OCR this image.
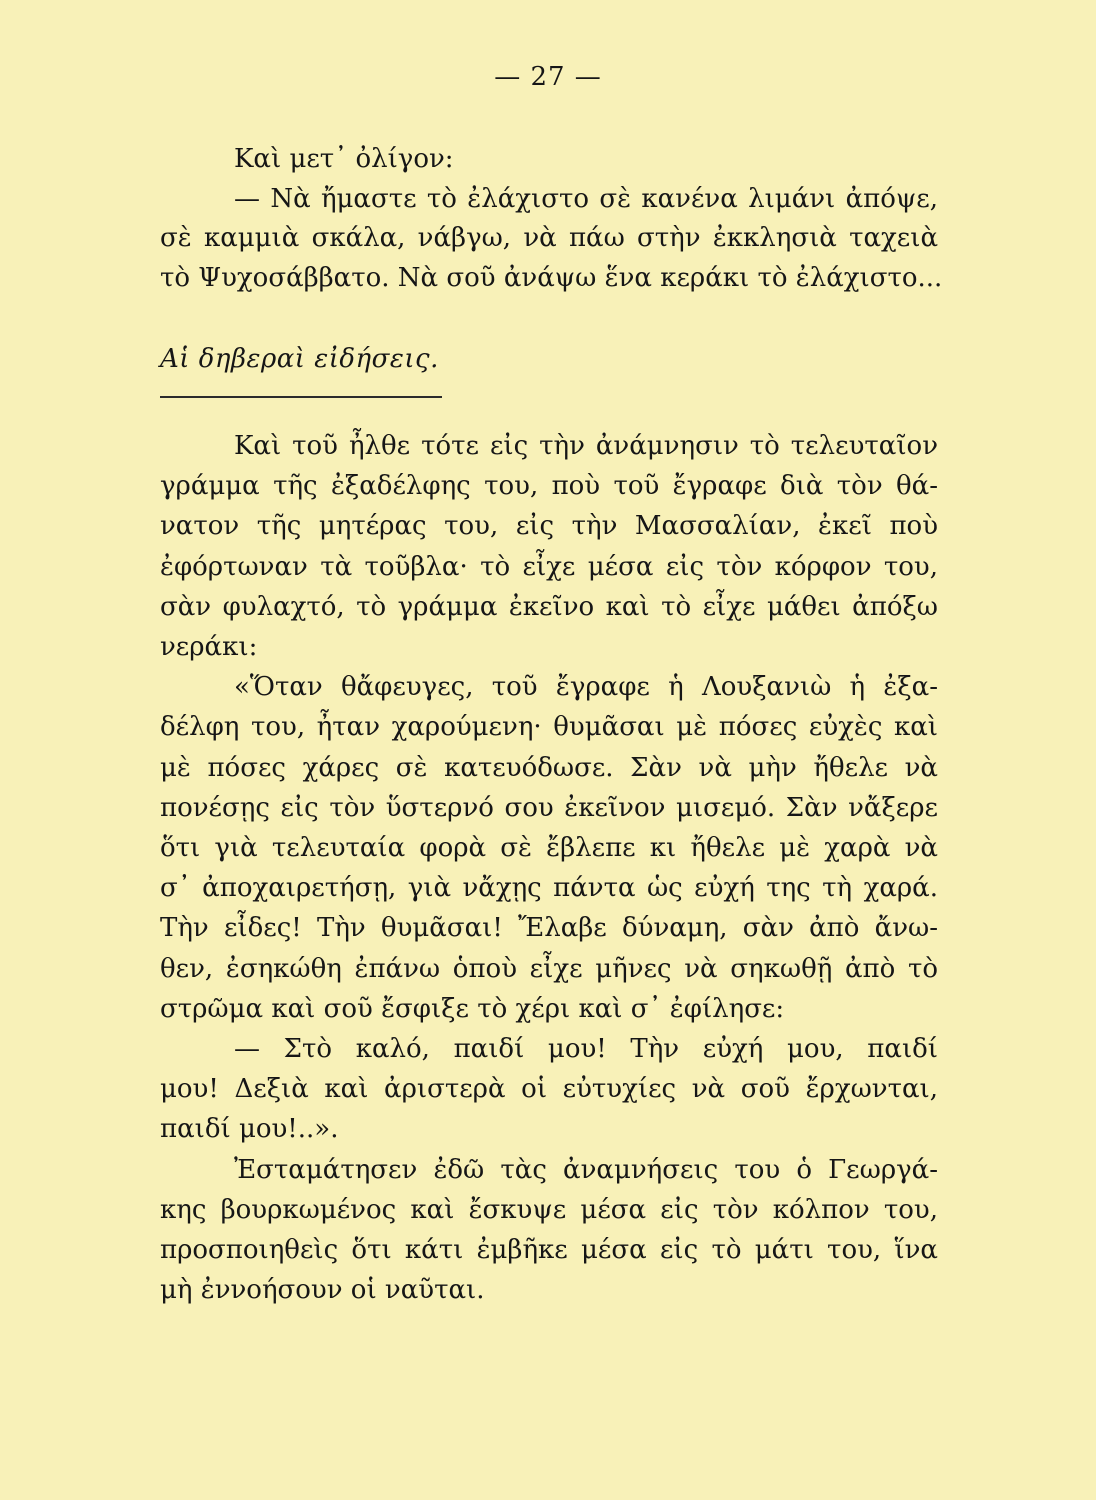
— 27 —
Καὶ μετ᾽ ὀλίγον:
— Νὰ ἤμαστε τὸ ἐλάχιστο σὲ κανένα λιμάνι ἀπόψε,
σὲ καμμιὰ σκάλα, νάβγω, νὰ πάω στὴν ἐκκλησιὰ ταχειὰ
τὸ Ψυχοσάββατο. Νὰ σοῦ ἀνάψω ἕνα κεράκι τὸ ἐλάχιστο...
Αἱ δηβεραὶ εἰδήσεις.
Καὶ τοῦ ἦλθε τότε εἰς τὴν ἀνάμνησιν τὸ τελευταῖον
γράμμα τῆς ἐξαδέλφης του, ποὺ τοῦ ἔγραφε διὰ τὸν θά-
νατον τῆς μητέρας του, εἰς τὴν Μασσαλίαν, ἐκεῖ ποὺ
ἐφόρτωναν τὰ τοῦβλα· τὸ εἶχε μέσα εἰς τὸν κόρφον του,
σὰν φυλαχτό, τὸ γράμμα ἐκεῖνο καὶ τὸ εἶχε μάθει ἀπόξω
νεράκι:
«Ὅταν θἄφευγες, τοῦ ἔγραφε ἡ Λουξανιὼ ἡ ἐξα-
δέλφη του, ἦταν χαρούμενη· θυμᾶσαι μὲ πόσες εὐχὲς καὶ
μὲ πόσες χάρες σὲ κατευόδωσε. Σὰν νὰ μὴν ἤθελε νὰ
πονέσῃς εἰς τὸν ὕστερνό σου ἐκεῖνον μισεμό. Σὰν νἄξερε
ὅτι γιὰ τελευταία φορὰ σὲ ἔβλεπε κι ἤθελε μὲ χαρὰ νὰ
σ᾽ ἀποχαιρετήσῃ, γιὰ νἄχῃς πάντα ὡς εὐχή της τὴ χαρά.
Τὴν εἶδες! Τὴν θυμᾶσαι! Ἔλαβε δύναμη, σὰν ἀπὸ ἄνω-
θεν, ἐσηκώθη ἐπάνω ὁποὺ εἶχε μῆνες νὰ σηκωθῇ ἀπὸ τὸ
στρῶμα καὶ σοῦ ἔσφιξε τὸ χέρι καὶ σ᾽ ἐφίλησε:
— Στὸ καλό, παιδί μου! Τὴν εὐχή μου, παιδί
μου! Δεξιὰ καὶ ἀριστερὰ οἱ εὐτυχίες νὰ σοῦ ἔρχωνται,
παιδί μου!..».
Ἐσταμάτησεν ἐδῶ τὰς ἀναμνήσεις του ὁ Γεωργά-
κης βουρκωμένος καὶ ἔσκυψε μέσα εἰς τὸν κόλπον του,
προσποιηθεὶς ὅτι κάτι ἐμβῆκε μέσα εἰς τὸ μάτι του, ἵνα
μὴ ἐννοήσουν οἱ ναῦται.
